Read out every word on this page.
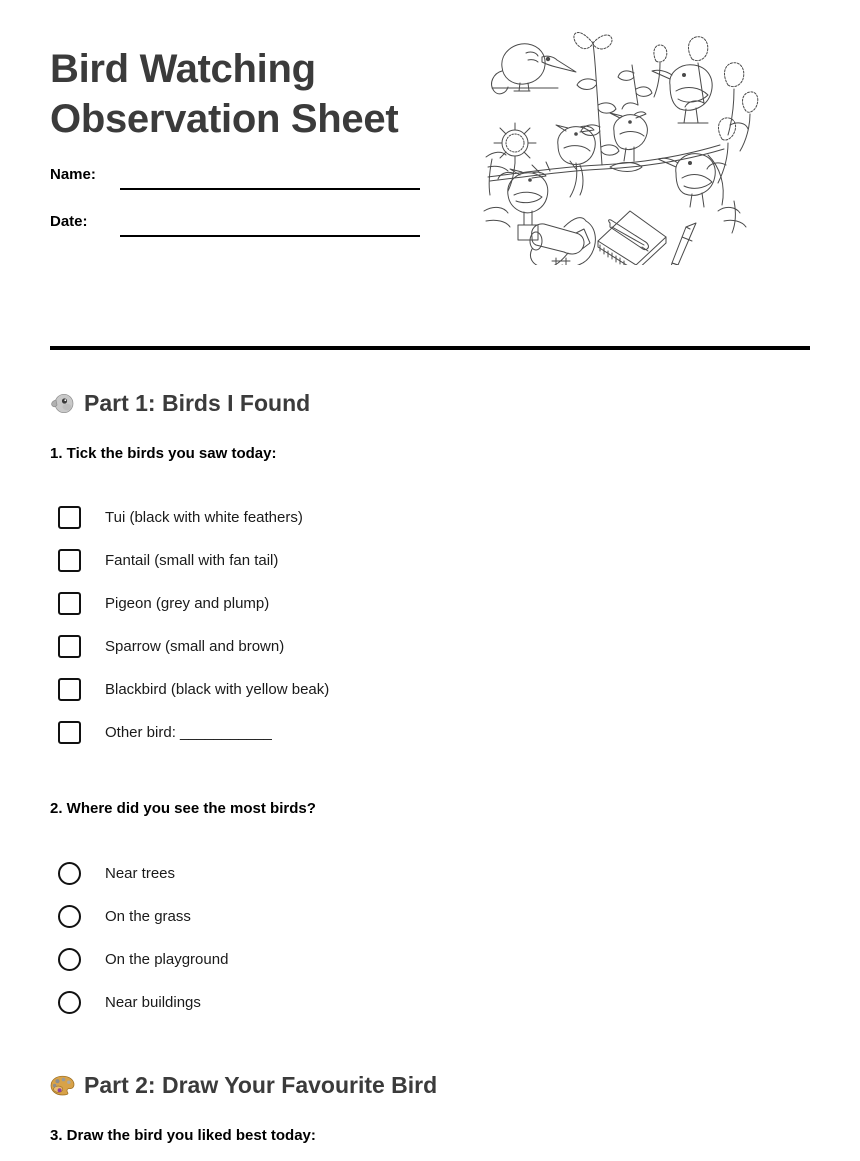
Bird Watching
Observation Sheet
Name:
Date:
Part 1: Birds I Found
1. Tick the birds you saw today:
Tui (black with white feathers)
Fantail (small with fan tail)
Pigeon (grey and plump)
Sparrow (small and brown)
Blackbird (black with yellow beak)
Other bird: ___________
2. Where did you see the most birds?
Near trees
On the grass
On the playground
Near buildings
Part 2: Draw Your Favourite Bird
3. Draw the bird you liked best today:
